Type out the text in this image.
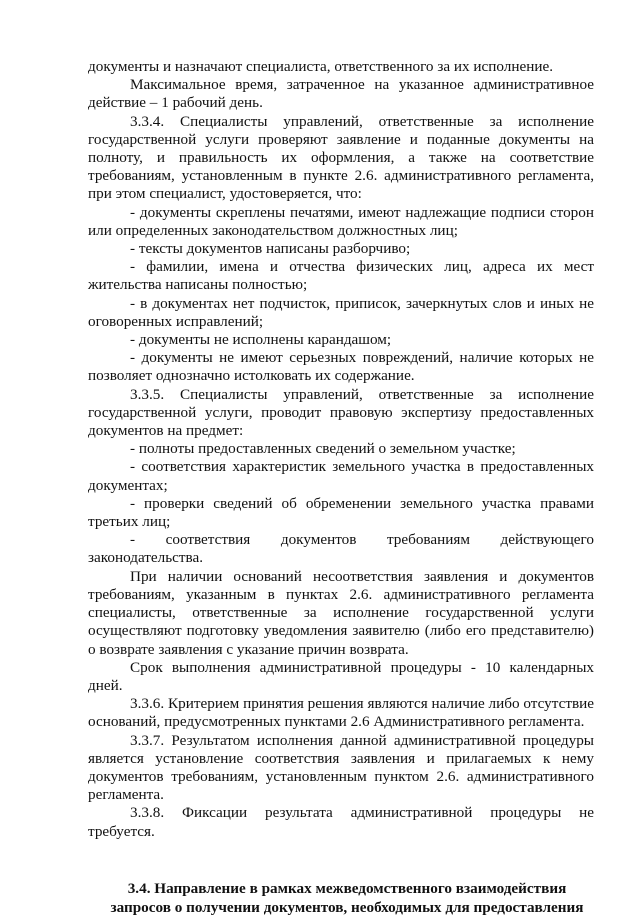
документы и назначают специалиста, ответственного за их исполнение.

Максимальное время, затраченное на указанное административное действие – 1 рабочий день.

3.3.4. Специалисты управлений, ответственные за исполнение государственной услуги проверяют заявление и поданные документы на полноту, и правильность их оформления, а также на соответствие требованиям, установленным в пункте 2.6. административного регламента, при этом специалист, удостоверяется, что:

- документы скреплены печатями, имеют надлежащие подписи сторон или определенных законодательством должностных лиц;

- тексты документов написаны разборчиво;

- фамилии, имена и отчества физических лиц, адреса их мест жительства написаны полностью;

- в документах нет подчисток, приписок, зачеркнутых слов и иных не оговоренных исправлений;

- документы не исполнены карандашом;

- документы не имеют серьезных повреждений, наличие которых не позволяет однозначно истолковать их содержание.

3.3.5. Специалисты управлений, ответственные за исполнение государственной услуги, проводит правовую экспертизу предоставленных документов на предмет:

- полноты предоставленных сведений о земельном участке;

- соответствия характеристик земельного участка в предоставленных документах;

- проверки сведений об обременении земельного участка правами третьих лиц;

- соответствия документов требованиям действующего законодательства.

При наличии оснований несоответствия заявления и документов требованиям, указанным в пунктах 2.6. административного регламента специалисты, ответственные за исполнение государственной услуги осуществляют подготовку уведомления заявителю (либо его представителю) о возврате заявления с указание причин возврата.

Срок выполнения административной процедуры - 10 календарных дней.

3.3.6. Критерием принятия решения являются наличие либо отсутствие оснований, предусмотренных пунктами 2.6 Административного регламента.

3.3.7. Результатом исполнения данной административной процедуры является установление соответствия заявления и прилагаемых к нему документов требованиям, установленным пунктом 2.6. административного регламента.

3.3.8. Фиксации результата административной процедуры не требуется.

3.4. Направление в рамках межведомственного взаимодействия
запросов о получении документов, необходимых для предоставления
